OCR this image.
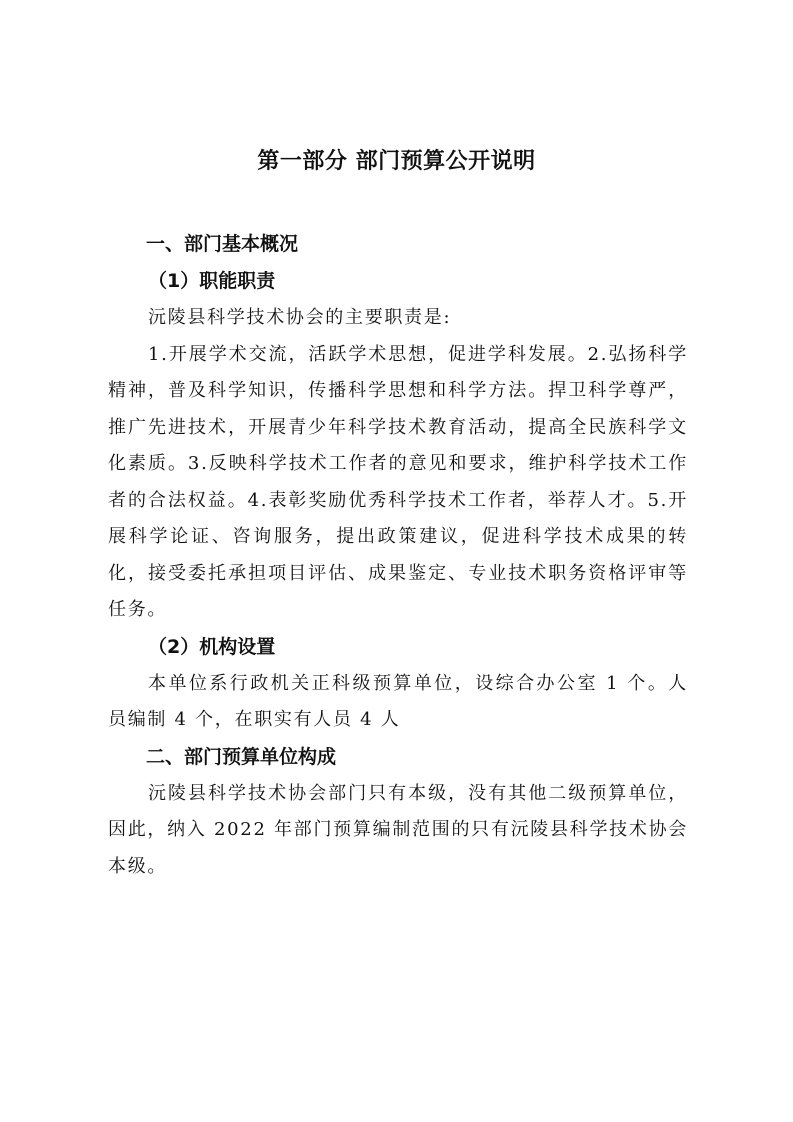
第一部分 部门预算公开说明
一、部门基本概况
（1）职能职责

沅陵县科学技术协会的主要职责是:

1.开展学术交流，活跃学术思想，促进学科发展。2.弘扬科学精神，普及科学知识，传播科学思想和科学方法。捍卫科学尊严，推广先进技术，开展青少年科学技术教育活动，提高全民族科学文化素质。3.反映科学技术工作者的意见和要求，维护科学技术工作者的合法权益。4.表彰奖励优秀科学技术工作者，举荐人才。5.开展科学论证、咨询服务，提出政策建议，促进科学技术成果的转化，接受委托承担项目评估、成果鉴定、专业技术职务资格评审等任务。

（2）机构设置

本单位系行政机关正科级预算单位，设综合办公室 1 个。人员编制 4 个，在职实有人员 4 人

二、部门预算单位构成

沅陵县科学技术协会部门只有本级，没有其他二级预算单位，因此，纳入 2022 年部门预算编制范围的只有沅陵县科学技术协会本级。
